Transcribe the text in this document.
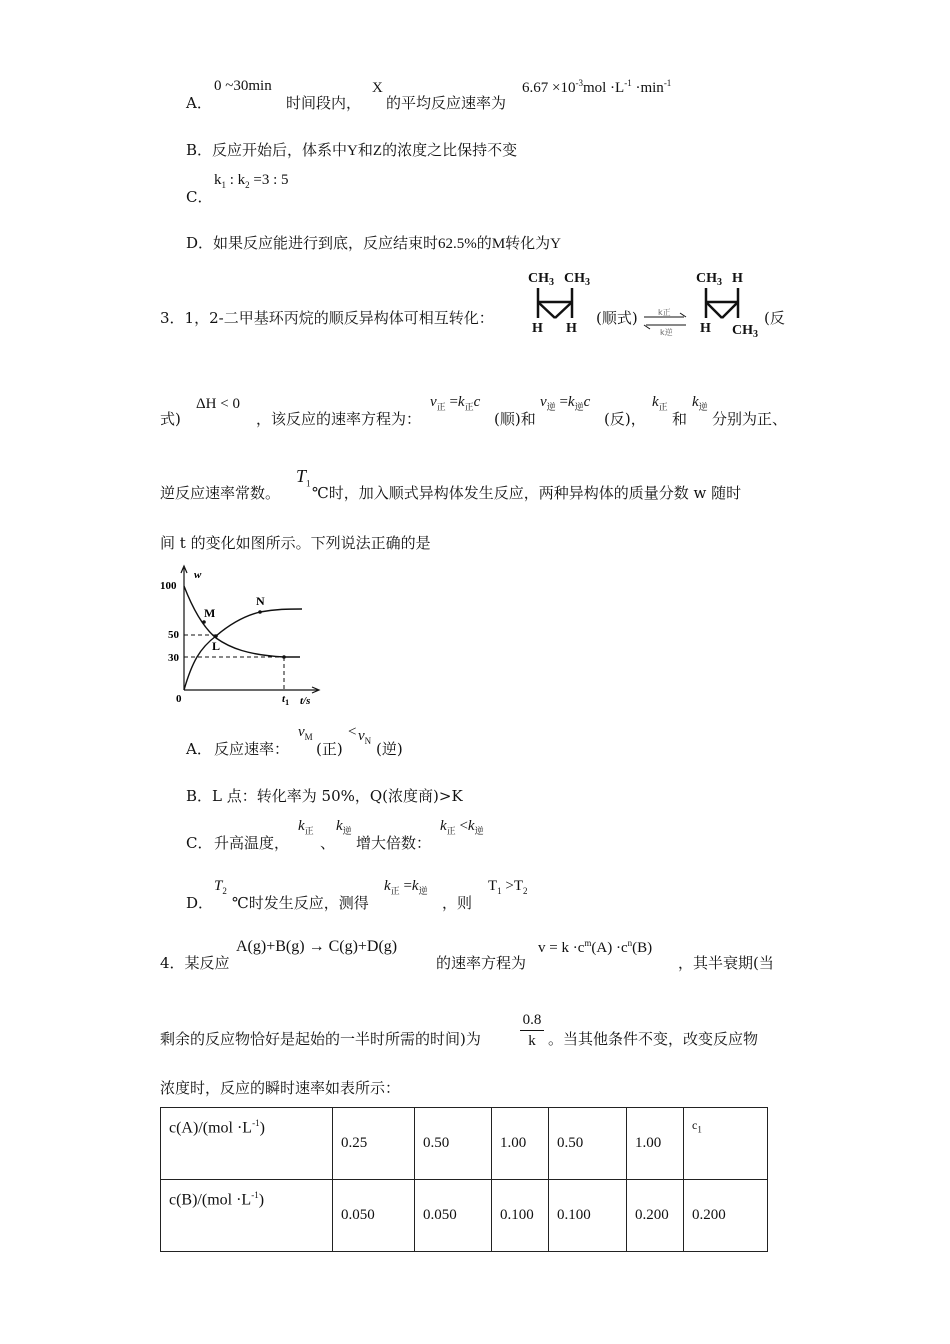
A．
0 ~30min
时间段内，
X
的平均反应速率为
$6.67 \times 10^{-3}mol \cdot L^{-1} \cdot\min^{-1}$
B．反应开始后，体系中Y和Z的浓度之比保持不变
C．
$k_1$ : $k_2 =3$ : 5
D．如果反应能进行到底，反应结束时62.5%的M转化为Y
3．1，2-二甲基环丙烷的顺反异构体可相互转化：
$CH_3$ $CH_3$
H H
(顺式)	k正
k逆
$CH_3$ H
H $CH_3$
(反
式)
ΔH < 0
，该反应的速率方程为：
$v_正 =k_正c$
(顺)和
$v_逆 =k_逆c$
(反)，
$k_正$
和
$k_逆$
分别为正、
逆反应速率常数。
$T_1$
℃时，加入顺式异构体发生反应，两种异构体的质量分数 w 随时
间 t 的变化如图所示。下列说法正确的是
w
t/s
100
50
30
0	$t_1$
M
N
L
A． 反应速率：
$v_M$
(正)
< $v_N$ (逆)
B．L 点：转化率为 50%，Q(浓度商)>K
C． 升高温度，
$k_正$
、
$k_逆$
增大倍数：
$k_正 <k_逆$
D．
$T_2$
℃时发生反应，测得
$k_正 =k_逆$
，则
$T_1 >T_2$
4．某反应
A(g)+B(g) → C(g)+D(g)
的速率方程为
$v = k \cdot c^m(A) \cdot c^n(B)$
，其半衰期(当
剩余的反应物恰好是起始的一半时所需的时间)为	$\frac{0.8}{k}$ 。当其他条件不变，改变反应物
浓度时，反应的瞬时速率如表所示：
$c(A)/(mol \cdot L^{-1})$	0.25	0.50	1.00	0.50	1.00	$c_1$
$c(B)/(mol \cdot L^{-1})$	0.050	0.050	0.100	0.100	0.200	0.200
